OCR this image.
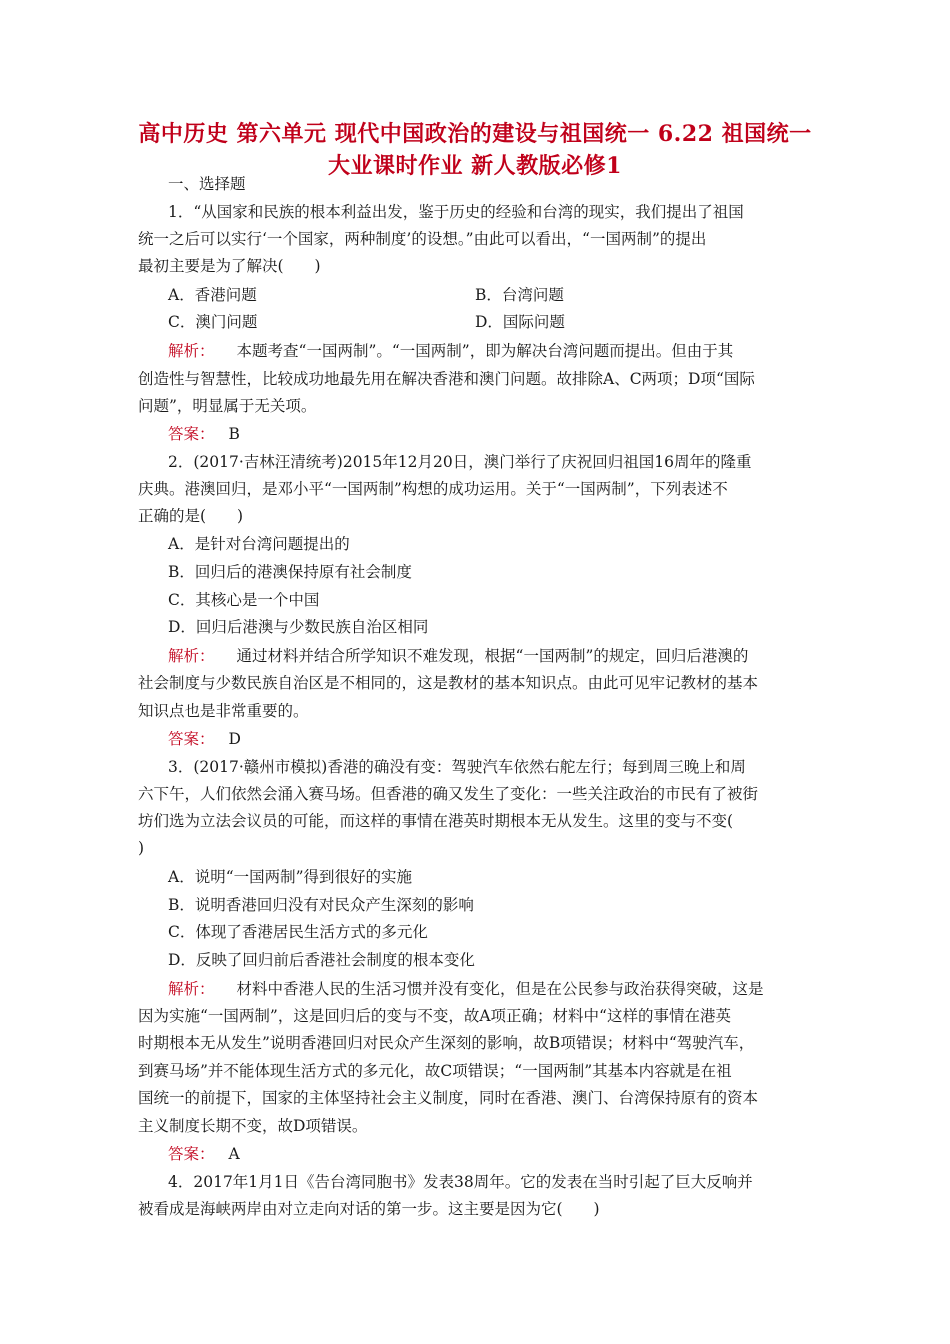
高中历史 第六单元 现代中国政治的建设与祖国统一 6.22 祖国统一
大业课时作业 新人教版必修1
一、选择题
1．“从国家和民族的根本利益出发，鉴于历史的经验和台湾的现实，我们提出了祖国
统一之后可以实行‘一个国家，两种制度’的设想。”由此可以看出，“一国两制”的提出
最初主要是为了解决(　　)
A．香港问题	B．台湾问题
C．澳门问题	D．国际问题
解析： 本题考查“一国两制”。“一国两制”，即为解决台湾问题而提出。但由于其
创造性与智慧性，比较成功地最先用在解决香港和澳门问题。故排除A、C两项；D项“国际
问题”，明显属于无关项。
答案： B
2．(2017·吉林汪清统考)2015年12月20日，澳门举行了庆祝回归祖国16周年的隆重
庆典。港澳回归，是邓小平“一国两制”构想的成功运用。关于“一国两制”，下列表述不
正确的是(　　)
A．是针对台湾问题提出的
B．回归后的港澳保持原有社会制度
C．其核心是一个中国
D．回归后港澳与少数民族自治区相同
解析： 通过材料并结合所学知识不难发现，根据“一国两制”的规定，回归后港澳的
社会制度与少数民族自治区是不相同的，这是教材的基本知识点。由此可见牢记教材的基本
知识点也是非常重要的。
答案： D
3．(2017·赣州市模拟)香港的确没有变：驾驶汽车依然右舵左行；每到周三晚上和周
六下午，人们依然会涌入赛马场。但香港的确又发生了变化：一些关注政治的市民有了被街
坊们选为立法会议员的可能，而这样的事情在港英时期根本无从发生。这里的变与不变(
)
A．说明“一国两制”得到很好的实施
B．说明香港回归没有对民众产生深刻的影响
C．体现了香港居民生活方式的多元化
D．反映了回归前后香港社会制度的根本变化
解析： 材料中香港人民的生活习惯并没有变化，但是在公民参与政治获得突破，这是
因为实施“一国两制”，这是回归后的变与不变，故A项正确；材料中“这样的事情在港英
时期根本无从发生”说明香港回归对民众产生深刻的影响，故B项错误；材料中“驾驶汽车，
到赛马场”并不能体现生活方式的多元化，故C项错误；“一国两制”其基本内容就是在祖
国统一的前提下，国家的主体坚持社会主义制度，同时在香港、澳门、台湾保持原有的资本
主义制度长期不变，故D项错误。
答案： A
4．2017年1月1日《告台湾同胞书》发表38周年。它的发表在当时引起了巨大反响并
被看成是海峡两岸由对立走向对话的第一步。这主要是因为它(　　)
